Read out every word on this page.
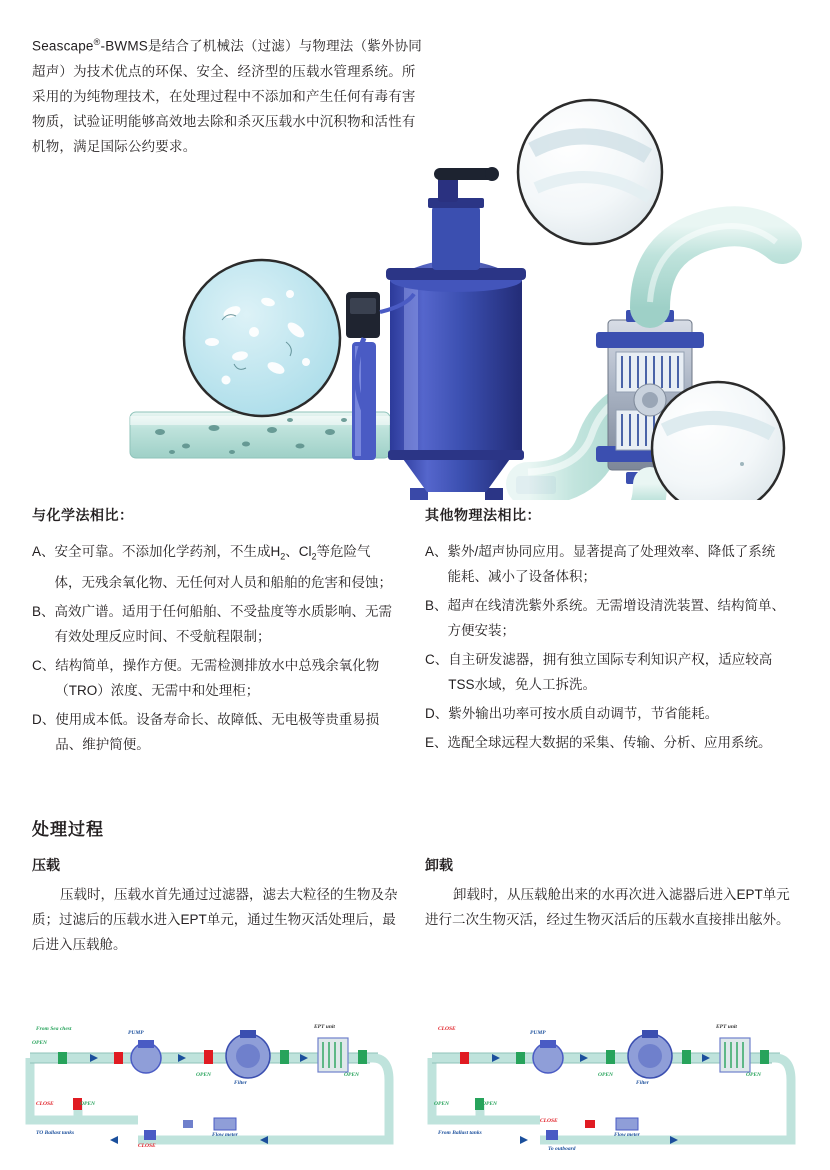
Seascape®-BWMS是结合了机械法（过滤）与物理法（紫外协同超声）为技术优点的环保、安全、经济型的压载水管理系统。所采用的为纯物理技术，在处理过程中不添加和产生任何有毒有害物质，试验证明能够高效地去除和杀灭压载水中沉积物和活性有机物，满足国际公约要求。
与化学法相比：
A、 安全可靠。不添加化学药剂，不生成$H_2$、$Cl_2$等危险气体，无残余氧化物、无任何对人员和船舶的危害和侵蚀；
B、 高效广谱。适用于任何船舶、不受盐度等水质影响、无需有效处理反应时间、不受航程限制；
C、 结构简单，操作方便。无需检测排放水中总残余氧化物（TRO）浓度、无需中和处理柜；
D、 使用成本低。设备寿命长、故障低、无电极等贵重易损品、维护简便。
其他物理法相比：
A、 紫外/超声协同应用。显著提高了处理效率、降低了系统能耗、减小了设备体积；
B、 超声在线清洗紫外系统。无需增设清洗装置、结构简单、方便安装；
C、 自主研发滤器，拥有独立国际专利知识产权，适应较高TSS水域，免人工拆洗。
D、 紫外输出功率可按水质自动调节，节省能耗。
E、 选配全球远程大数据的采集、传输、分析、应用系统。
处理过程
压载	卸载
压载时，压载水首先通过过滤器，滤去大粒径的生物及杂质；过滤后的压载水进入EPT单元，通过生物灭活处理后，最后进入压载舱。
卸载时，从压载舱出来的水再次进入滤器后进入EPT单元进行二次生物灭活，经过生物灭活后的压载水直接排出舷外。
From Sea chest
OPEN
CLOSE	OPEN
TO Ballast tanks
CLOSE
PUMP
OPEN
Filter
Flow meter
EPT unit
OPEN
CLOSE
OPEN
From Ballast tanks
OPEN
CLOSE
To outboard
PUMP
OPEN
Filter
Flow meter
EPT unit
OPEN
